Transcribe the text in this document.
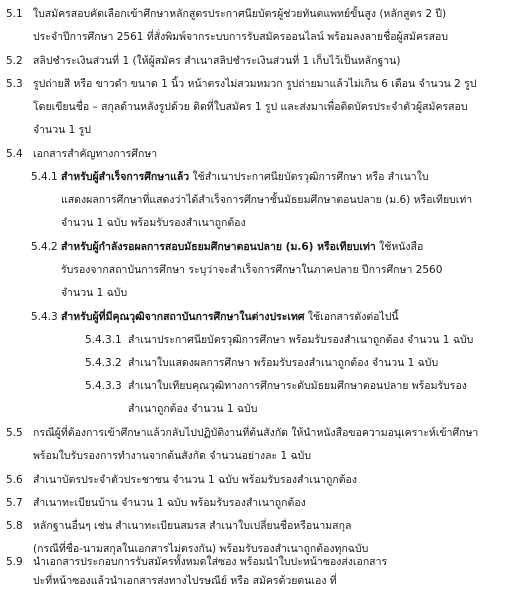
5.1 ใบสมัครสอบคัดเลือกเข้าศึกษาหลักสูตรประกาศนียบัตรผู้ช่วยทันตแพทย์ขั้นสูง (หลักสูตร 2 ปี)
ประจำปีการศึกษา 2561 ที่สั่งพิมพ์จากระบบการรับสมัครออนไลน์ พร้อมลงลายชื่อผู้สมัครสอบ
5.2 สลิปชำระเงินส่วนที่ 1 (ให้ผู้สมัคร สำเนาสลิปชำระเงินส่วนที่ 1 เก็บไว้เป็นหลักฐาน)
5.3 รูปถ่ายสี หรือ ขาวดำ ขนาด 1 นิ้ว หน้าตรงไม่สวมหมวก รูปถ่ายมาแล้วไม่เกิน 6 เดือน จำนวน 2 รูป
โดยเขียนชื่อ – สกุลด้านหลังรูปด้วย ติดที่ใบสมัคร 1 รูป และส่งมาเพื่อติดบัตรประจำตัวผู้สมัครสอบ
จำนวน 1 รูป
5.4 เอกสารสำคัญทางการศึกษา
5.4.1 สำหรับผู้สำเร็จการศึกษาแล้ว ใช้สำเนาประกาศนียบัตรวุฒิการศึกษา หรือ สำเนาใบ
แสดงผลการศึกษาที่แสดงว่าได้สำเร็จการศึกษาชั้นมัธยมศึกษาตอนปลาย (ม.6) หรือเทียบเท่า
จำนวน 1 ฉบับ พร้อมรับรองสำเนาถูกต้อง
5.4.2 สำหรับผู้กำลังรอผลการสอบมัธยมศึกษาตอนปลาย (ม.6) หรือเทียบเท่า ใช้หนังสือ
รับรองจากสถาบันการศึกษา ระบุว่าจะสำเร็จการศึกษาในภาคปลาย ปีการศึกษา 2560
จำนวน 1 ฉบับ
5.4.3 สำหรับผู้ที่มีคุณวุฒิจากสถาบันการศึกษาในต่างประเทศ ใช้เอกสารดังต่อไปนี้
5.4.3.1 สำเนาประกาศนียบัตรวุฒิการศึกษา พร้อมรับรองสำเนาถูกต้อง จำนวน 1 ฉบับ
5.4.3.2 สำเนาใบแสดงผลการศึกษา พร้อมรับรองสำเนาถูกต้อง จำนวน 1 ฉบับ
5.4.3.3 สำเนาใบเทียบคุณวุฒิทางการศึกษาระดับมัธยมศึกษาตอนปลาย พร้อมรับรอง
สำเนาถูกต้อง จำนวน 1 ฉบับ
5.5 กรณีผู้ที่ต้องการเข้าศึกษาแล้วกลับไปปฏิบัติงานที่ต้นสังกัด ให้นำหนังสือขอความอนุเคราะห์เข้าศึกษา
พร้อมใบรับรองการทำงานจากต้นสังกัด จำนวนอย่างละ 1 ฉบับ
5.6 สำเนาบัตรประจำตัวประชาชน จำนวน 1 ฉบับ พร้อมรับรองสำเนาถูกต้อง
5.7 สำเนาทะเบียนบ้าน จำนวน 1 ฉบับ พร้อมรับรองสำเนาถูกต้อง
5.8 หลักฐานอื่นๆ เช่น สำเนาทะเบียนสมรส สำเนาใบเปลี่ยนชื่อหรือนามสกุล
(กรณีที่ชื่อ-นามสกุลในเอกสารไม่ตรงกัน) พร้อมรับรองสำเนาถูกต้องทุกฉบับ
5.9 นำเอกสารประกอบการรับสมัครทั้งหมดใส่ซอง พร้อมนำใบปะหน้าซองส่งเอกสาร
ปะที่หน้าซองแล้วนำเอกสารส่งทางไปรษณีย์ หรือ สมัครด้วยตนเอง ที่
